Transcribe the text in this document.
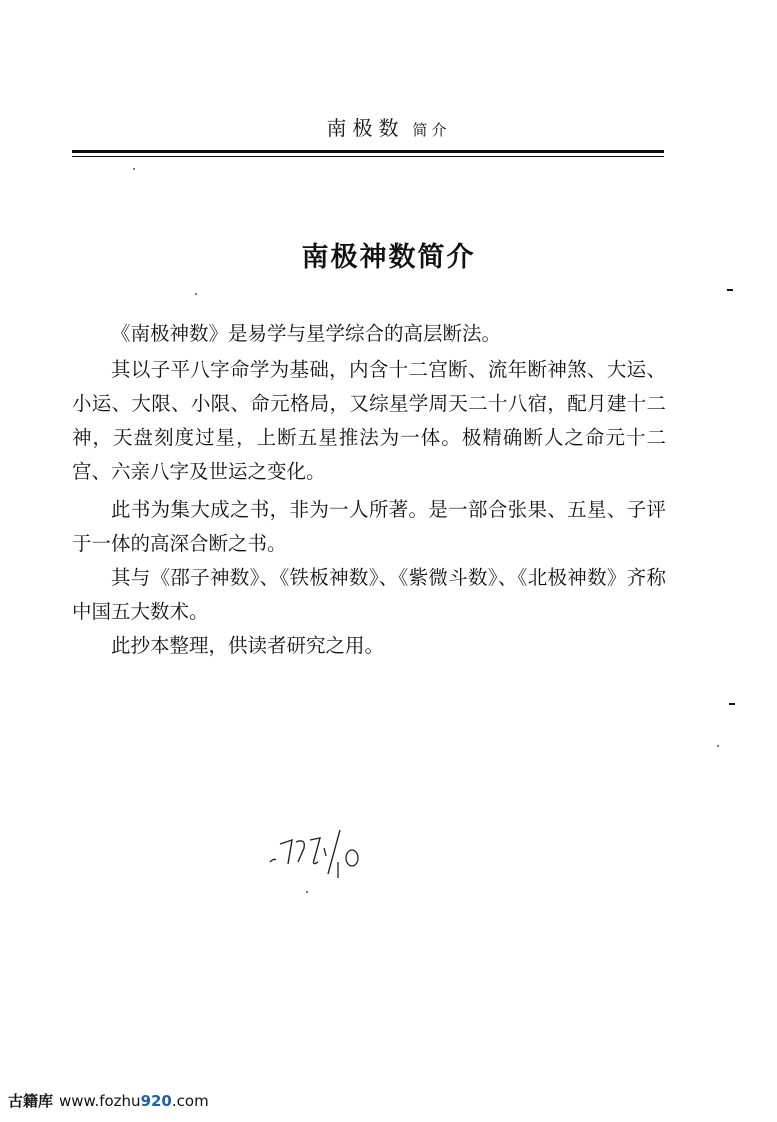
南极数 简介
南极神数简介

《南极神数》是易学与星学综合的高层断法。

其以子平八字命学为基础，内含十二宫断、流年断神煞、大运、小运、大限、小限、命元格局，又综星学周天二十八宿，配月建十二神，天盘刻度过星，上断五星推法为一体。极精确断人之命元十二宫、六亲八字及世运之变化。

此书为集大成之书，非为一人所著。是一部合张果、五星、子评于一体的高深合断之书。

其与《邵子神数》、《铁板神数》、《紫微斗数》、《北极神数》齐称中国五大数术。

此抄本整理，供读者研究之用。

古籍库 www.fozhu920.com
